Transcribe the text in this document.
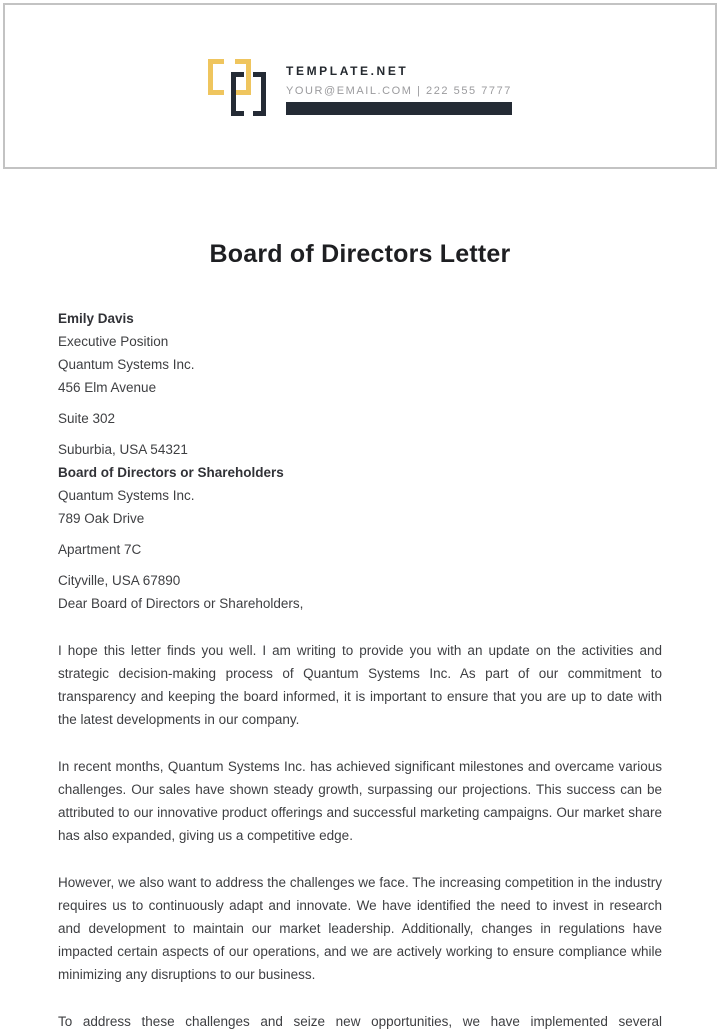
TEMPLATE.NET
YOUR@EMAIL.COM | 222 555 7777
Board of Directors Letter

Emily Davis

Executive Position

Quantum Systems Inc.

456 Elm Avenue

Suite 302

Suburbia, USA 54321

Board of Directors or Shareholders

Quantum Systems Inc.

789 Oak Drive

Apartment 7C

Cityville, USA 67890

Dear Board of Directors or Shareholders,

I hope this letter finds you well. I am writing to provide you with an update on the activities and strategic decision-making process of Quantum Systems Inc. As part of our commitment to transparency and keeping the board informed, it is important to ensure that you are up to date with the latest developments in our company.

In recent months, Quantum Systems Inc. has achieved significant milestones and overcame various challenges. Our sales have shown steady growth, surpassing our projections. This success can be attributed to our innovative product offerings and successful marketing campaigns. Our market share has also expanded, giving us a competitive edge.

However, we also want to address the challenges we face. The increasing competition in the industry requires us to continuously adapt and innovate. We have identified the need to invest in research and development to maintain our market leadership. Additionally, changes in regulations have impacted certain aspects of our operations, and we are actively working to ensure compliance while minimizing any disruptions to our business.

To address these challenges and seize new opportunities, we have implemented several
